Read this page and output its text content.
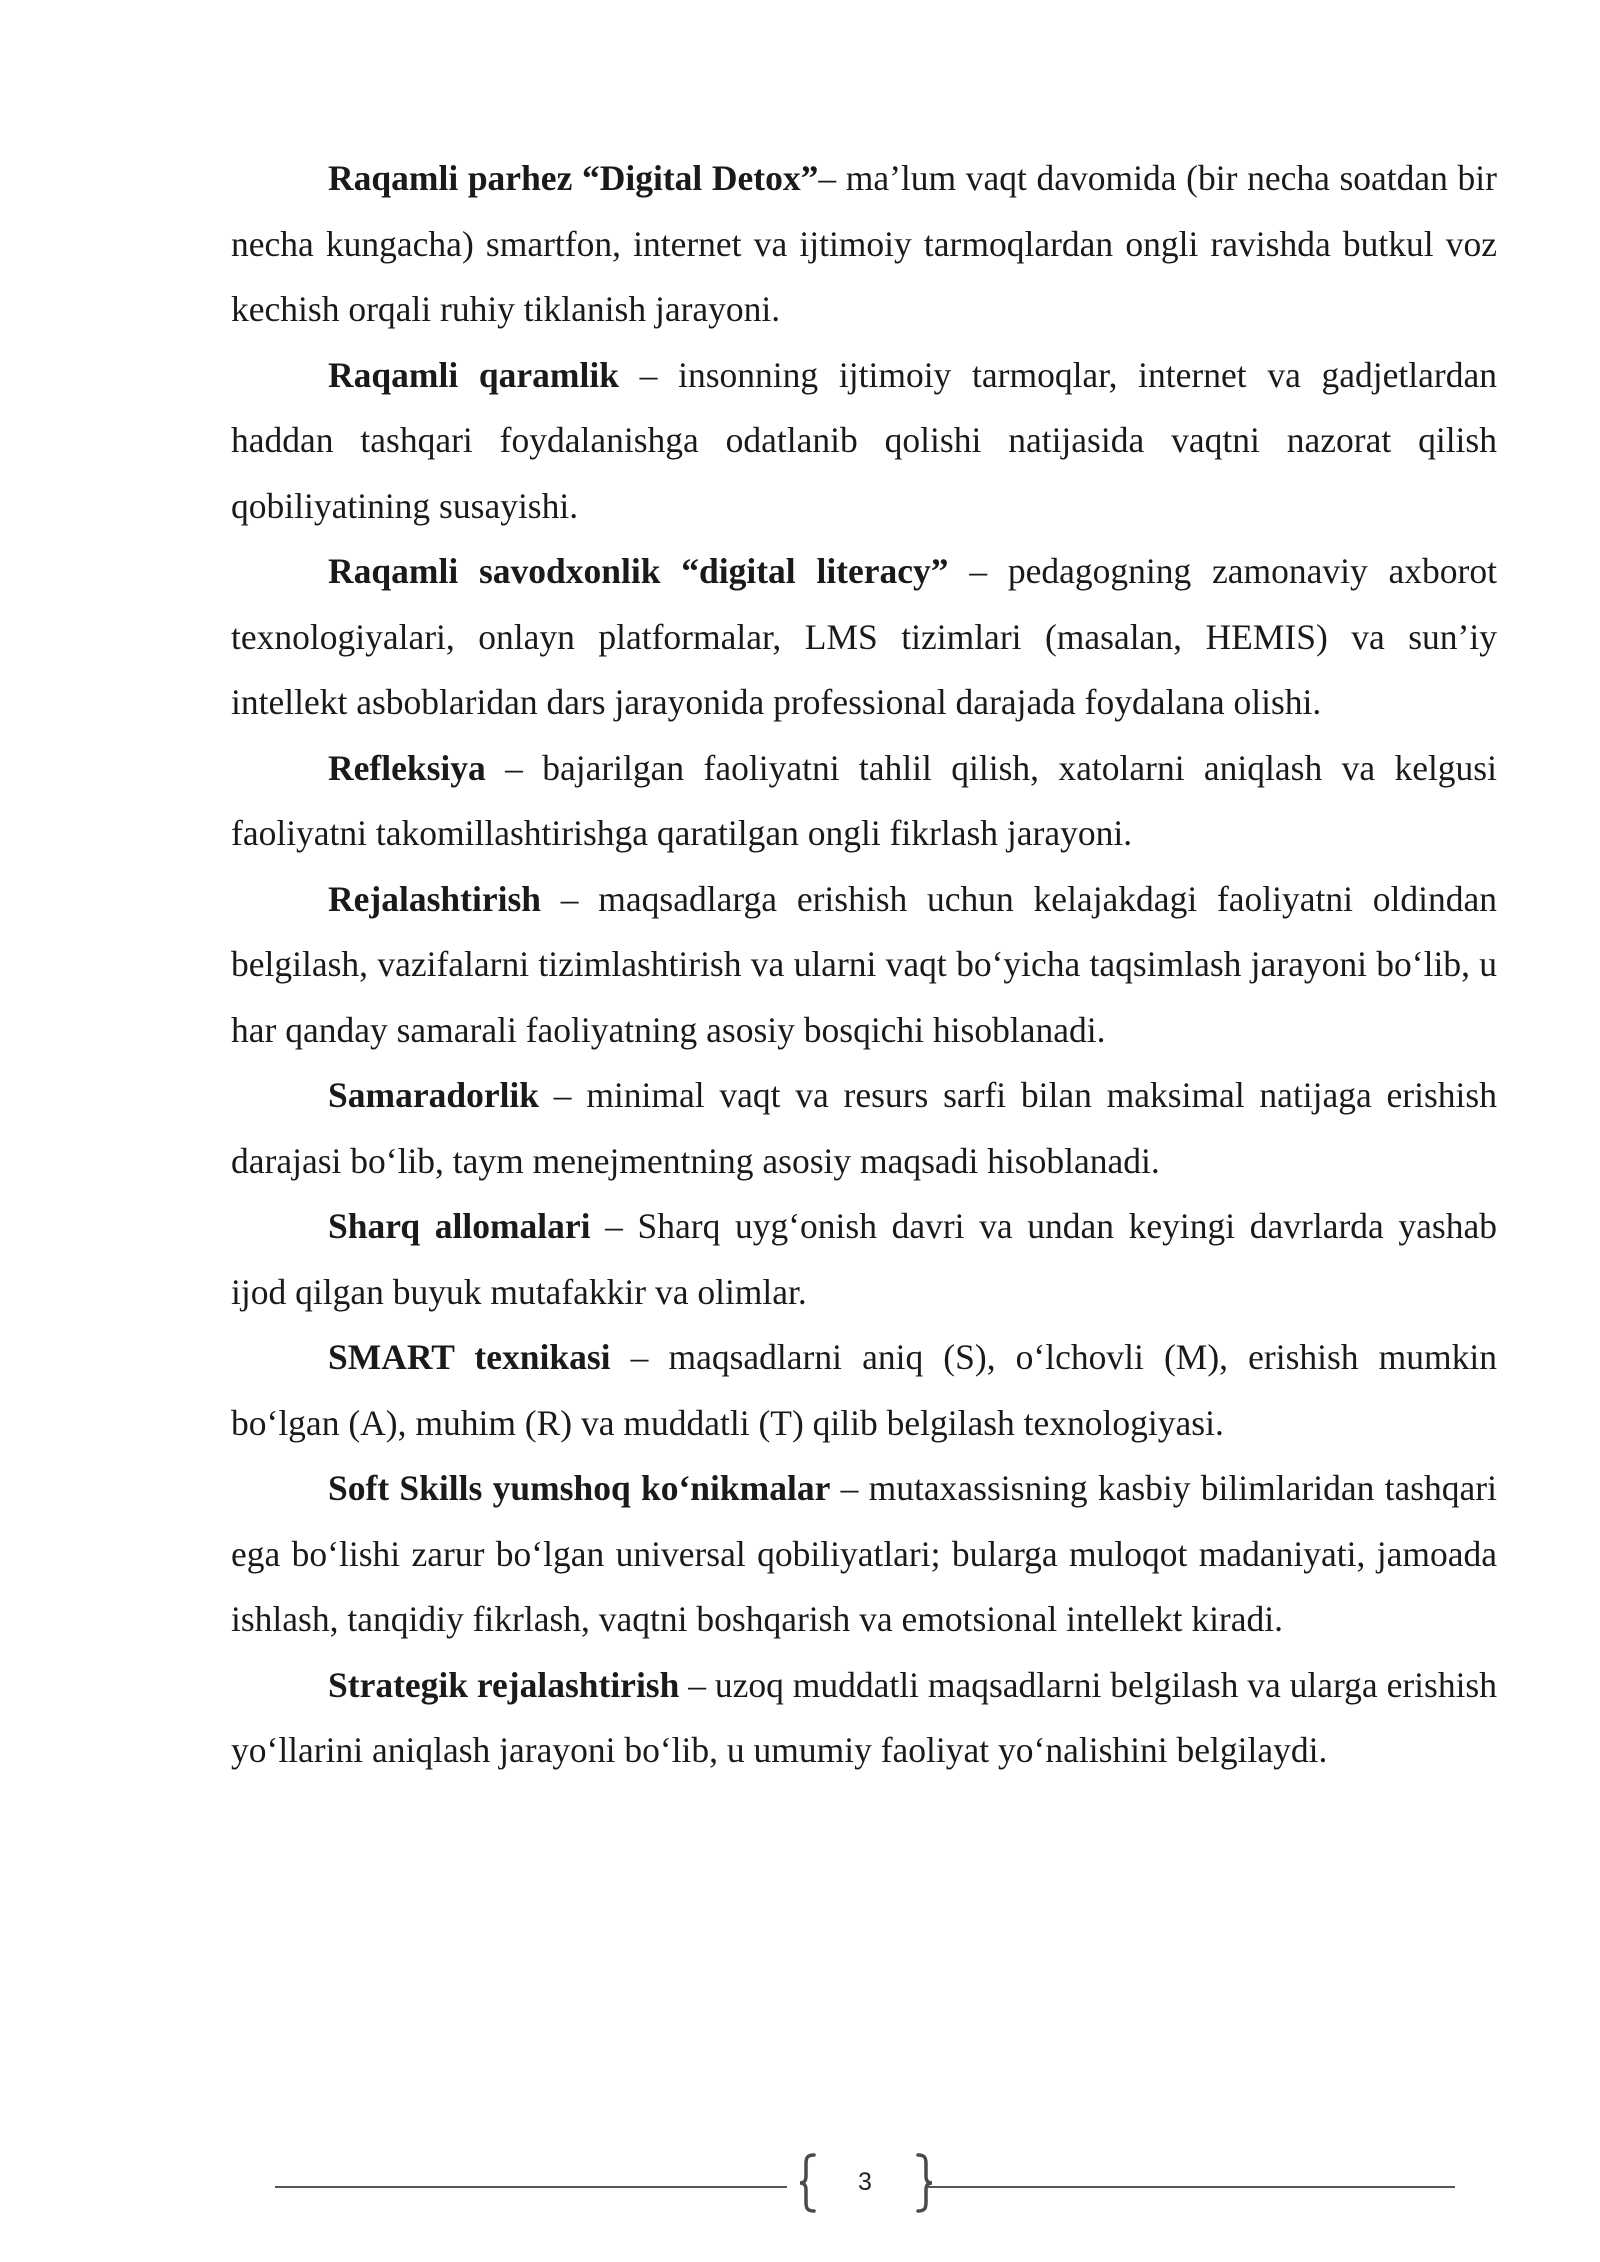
Raqamli parhez “Digital Detox”– ma’lum vaqt davomida (bir necha soatdan bir necha kungacha) smartfon, internet va ijtimoiy tarmoqlardan ongli ravishda butkul voz kechish orqali ruhiy tiklanish jarayoni.

Raqamli qaramlik – insonning ijtimoiy tarmoqlar, internet va gadjetlardan haddan tashqari foydalanishga odatlanib qolishi natijasida vaqtni nazorat qilish qobiliyatining susayishi.

Raqamli savodxonlik “digital literacy” – pedagogning zamonaviy axborot texnologiyalari, onlayn platformalar, LMS tizimlari (masalan, HEMIS) va sun’iy intellekt asboblaridan dars jarayonida professional darajada foydalana olishi.

Refleksiya – bajarilgan faoliyatni tahlil qilish, xatolarni aniqlash va kelgusi faoliyatni takomillashtirishga qaratilgan ongli fikrlash jarayoni.

Rejalashtirish – maqsadlarga erishish uchun kelajakdagi faoliyatni oldindan belgilash, vazifalarni tizimlashtirish va ularni vaqt bo‘yicha taqsimlash jarayoni bo‘lib, u har qanday samarali faoliyatning asosiy bosqichi hisoblanadi.

Samaradorlik – minimal vaqt va resurs sarfi bilan maksimal natijaga erishish darajasi bo‘lib, taym menejmentning asosiy maqsadi hisoblanadi.

Sharq allomalari – Sharq uyg‘onish davri va undan keyingi davrlarda yashab ijod qilgan buyuk mutafakkir va olimlar.

SMART texnikasi – maqsadlarni aniq (S), o‘lchovli (M), erishish mumkin bo‘lgan (A), muhim (R) va muddatli (T) qilib belgilash texnologiyasi.

Soft Skills yumshoq ko‘nikmalar – mutaxassisning kasbiy bilimlaridan tashqari ega bo‘lishi zarur bo‘lgan universal qobiliyatlari; bularga muloqot madaniyati, jamoada ishlash, tanqidiy fikrlash, vaqtni boshqarish va emotsional intellekt kiradi.

Strategik rejalashtirish – uzoq muddatli maqsadlarni belgilash va ularga erishish yo‘llarini aniqlash jarayoni bo‘lib, u umumiy faoliyat yo‘nalishini belgilaydi.

3
